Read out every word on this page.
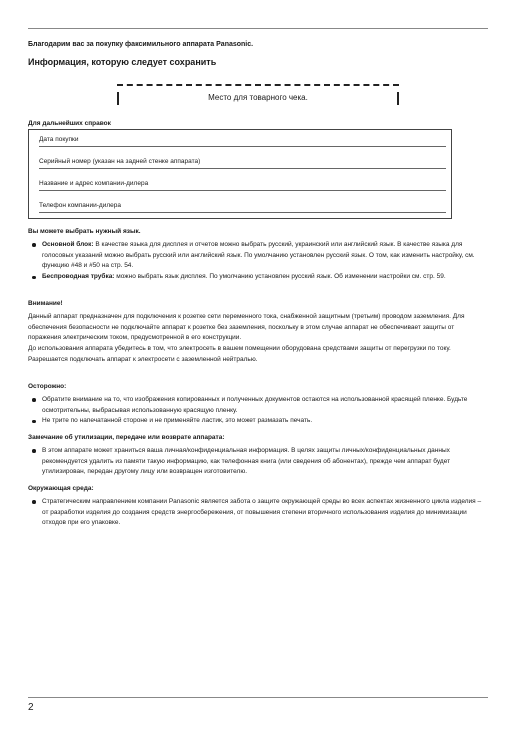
Благодарим вас за покупку факсимильного аппарата Panasonic.
Информация, которую следует сохранить
Место для товарного чека.
Для дальнейших справок
Дата покупки
Серийный номер (указан на задней стенке аппарата)
Название и адрес компании-дилера
Телефон компании-дилера
Вы можете выбрать нужный язык.
Основной блок: В качестве языка для дисплея и отчетов можно выбрать русский, украинский или английский язык. В качестве языка для голосовых указаний можно выбрать русский или английский язык. По умолчанию установлен русский язык. О том, как изменить настройку, см. функцию #48 и #50 на стр. 54.
Беспроводная трубка: можно выбрать язык дисплея. По умолчанию установлен русский язык. Об изменении настройки см. стр. 59.
Внимание!

Данный аппарат предназначен для подключения к розетке сети переменного тока, снабженной защитным (третьим) проводом заземления. Для обеспечения безопасности не подключайте аппарат к розетке без заземления, поскольку в этом случае аппарат не обеспечивает защиты от поражения электрическим током, предусмотренной в его конструкции.

До использования аппарата убедитесь в том, что электросеть в вашем помещении оборудована средствами защиты от перегрузки по току.

Разрешается подключать аппарат к электросети с заземленной нейтралью.

Осторожно:
Обратите внимание на то, что изображения копированных и полученных документов остаются на использованной красящей пленке. Будьте осмотрительны, выбрасывая использованную красящую пленку.
Не трите по напечатанной стороне и не применяйте ластик, это может размазать печать.
Замечание об утилизации, передаче или возврате аппарата:
В этом аппарате может храниться ваша личная/конфиденциальная информация. В целях защиты личных/конфиденциальных данных рекомендуется удалить из памяти такую информацию, как телефонная книга (или сведения об абонентах), прежде чем аппарат будет утилизирован, передан другому лицу или возвращен изготовителю.
Окружающая среда:
Стратегическим направлением компании Panasonic является забота о защите окружающей среды во всех аспектах жизненного цикла изделия – от разработки изделия до создания средств энергосбережения, от повышения степени вторичного использования изделия до минимизации отходов при его упаковке.
2
